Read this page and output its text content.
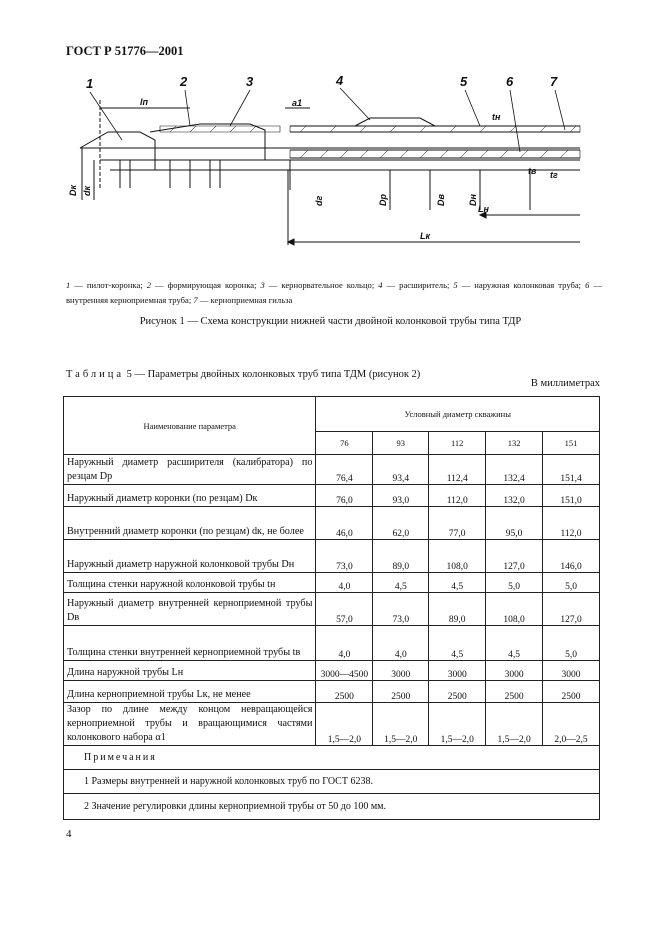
ГОСТ Р 51776—2001
1	2	3	4	5	6	7
lп	a1
tн
tв tг
Dк dк
dг	Dр	Dв Dн
Lн
Lк
1 — пилот-коронка; 2 — формирующая коронка; 3 — кернорвательное кольцо; 4 — расширитель; 5 — наружная колонковая труба; 6 — внутренняя кернoприемная труба; 7 — кернoприемная гильза
Рисунок 1 — Схема конструкции нижней части двойной колонковой трубы типа ТДР
Таблица 5 — Параметры двойных колонковых труб типа ТДМ (рисунок 2)
В миллиметрах
Наименование параметра	Условный диаметр скважины				
	76	93	112	132	151
Наружный диаметр расширителя (калибратора) по резцам Dр	76,4	93,4	112,4	132,4	151,4
Наружный диаметр коронки (по резцам) Dк	76,0	93,0	112,0	132,0	151,0
Внутренний диаметр коронки (по резцам) dк, не более	46,0	62,0	77,0	95,0	112,0
Наружный диаметр наружной колонковой трубы Dн	73,0	89,0	108,0	127,0	146,0
Толщина стенки наружной колонковой трубы tн	4,0	4,5	4,5	5,0	5,0
Наружный диаметр внутренней кернoприемной трубы Dв	57,0	73,0	89,0	108,0	127,0
Толщина стенки внутренней кернoприемной трубы tв	4,0	4,0	4,5	4,5	5,0
Длина наружной трубы Lн	3000—4500	3000	3000	3000	3000
Длина кернoприемной трубы Lк, не менее	2500	2500	2500	2500	2500
Зазор по длине между концом невращающейся кернoприемной трубы и вращающимися частями колонкового набора α1	1,5—2,0	1,5—2,0	1,5—2,0	1,5—2,0	2,0—2,5
Примечания					
1 Размеры внутренней и наружной колонковых труб по ГОСТ 6238.					
2 Значение регулировки длины кернoприемной трубы от 50 до 100 мм.					
4
